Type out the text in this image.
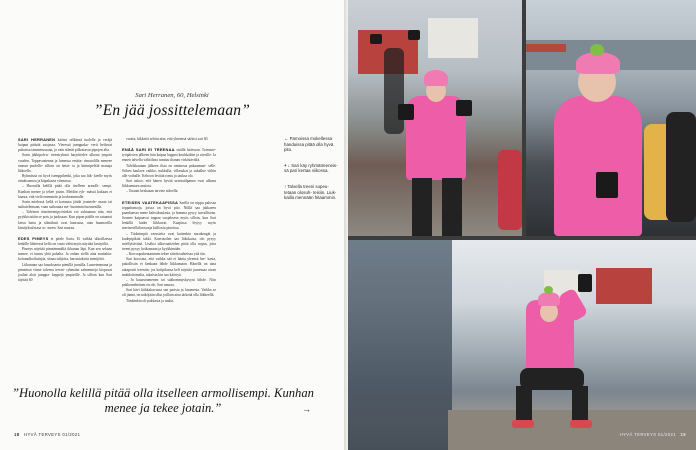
Sari Herranen, 60, Helsinki
”En jää jossittelemaan”

SARI HERRANEN käänsi selkänsä tuolelle ja veräjä hoipun pääsää suojassa. Vieressä jumppaka- verit heiluvat paloassa tammetussaan, ja vain silmät pilkottavat pipojen alta.

Sarin jäkkipolvu- treeniryhmä harjoittelee ulkona ympäri vuoden. Toppavaatenna ja lumessa emitta- rimatolilla meneee raaeun puolelle- silloin on hetai- ta ja kiinnipelittä manaja lätkoella.

Ryhmässä on hyvä tsemppihenki, joka saa liik- keelle myös rämäisuenoa ja käpakassa vitenassa.

– Huonolla kelillä pitää olla itselleen armolli- sempi. Kunhan menee ja tekee jotain. Meidän ryh- mässä kukaan ei haasta, että vielä enemmän ja korkeammalle.

Sarin mielessä kellä ei kannusa jäädä joonnele- maan tai suihutelemaan, vaan suihautaa me- huomnin huomenilla.

– Talvinen riimätreenipyörinkin voi suhtaanua niin, että pyykkisistäin se pois ja juoksaan. Kun pipon päälle on sataanut ketsu lunta ja silmälasit ovat huurussa, otan huumorilla kimityksalviasa so- meen. Sari nauraa.

EDES PIMEYS ei pitele Saria. Ei vaikka ulkoillaessa lenkille lähteessä kello on vasta vähä myös näyttää kesäyöltä.

Pimeys näyttää pimeämmältä ikkunan läpi. Kun sen sekaan menee, ei tunnu yhtä pahalta. Ja onhan siellä aina muitakin: koiranulkoiluttajia, siinaa tulijoita, harrastuksiin menijöitä.

Liikunnan saa huuoksanta pienillä juonilla. Lumetenmana ja pimeässä viime talvena treeni- ryhmään salmennoja kiopavat joulun aloit jumppa- keppejä ympärille. Ja silloin kun Sari täyttää 60

vuotta, hikkeitä sehiin niin, että yhteensä särkisi sati 60.

ENÄÄ SARI EI TREENAA sisällä laitessan. Toimiste- työpäivien jälkeen hän kaipaa happea keuhkoihin ja aivoille. Ja ennen talvella vähä ilma tumtuu ihanan virkistävältä.

Talvikkaunan jälkeen iltaa en ominosta pakaantuni- selle. Siihen kaulava vaihko, nukkalla, villasukat ja sukallue viihin alle voihalle. Kehoon levitää romu ja tauksa olo.

Sari uskoo, että hänen hyvää urentaiilpanna ovat ulkona liikkumisen ansiota.

– Unaani keskaaan tarvine sidoella.

ETEISEN VAATEKAAPISSA Sarilla on nippu palosaa toppahansoja, joissa on hyvä pito. Niillä saa jakkaeen paankuessa mene kahvakuulasta, ja homma pysyy turvallisena. Sormet kaipaavat toppaa suojaksesn myös silloin, kun Sari lenkillä kädet liikkuvat. Kaapissa löytyy myös merinovillaboosoaja kalliosia pinoissa.

– Tärkeimpiä varusteita ovat kuitenkin narukengät ja kudepipikitä takki. Kuerusolen saa liikokaisa, olo pysyy miellyttävänä. Lisäksi ulkovaatteiden pitää olla nopsa, jotta treeni pysyy hoikomaan ja kyykkimään.

– Korroopukeutaminen tekee sääolosuhteisaa yttä tän.

Sari korostaa, että vaikka sää ei hänta yleensä her- kasta, pakollisiin ei kenkaan lähde liikkumaan. Hänellä on aina takaportti treeniin: jos kotipihassa keli näyttää juuremaa aivan mahdottomalta, takaisin kin saa käärryä.

– Ja kaaastramenen tai sääkommyskysyni kihde. Niin pakkomeheinen en ole, Sari nauraa.

Sari kävi kiikkakuvassa sen parista ja huomesta. Vaikka se oli jännä, on näköjään ollut joillain aina tärkeää olla liikkeellä.

Tänäänkin oli pakkasta ja tuulta.

← Pamoissa mokellessa handuissa pitää olla hyvä pito.
+ ↓ Sari käy ryhmätreeneis- sä pari kertaa viikossa.
↑ Talvella treeni sopeu- tetaan olosuh- teisiin. Liuk- kailla mennään hitaammin.
”Huonolla kelillä pitää olla itselleen armollisempi. Kunhan menee ja tekee jotain.”	→
18 HYVÄ TERVEYS 01/2021	HYVÄ TERVEYS 01/2021 19
